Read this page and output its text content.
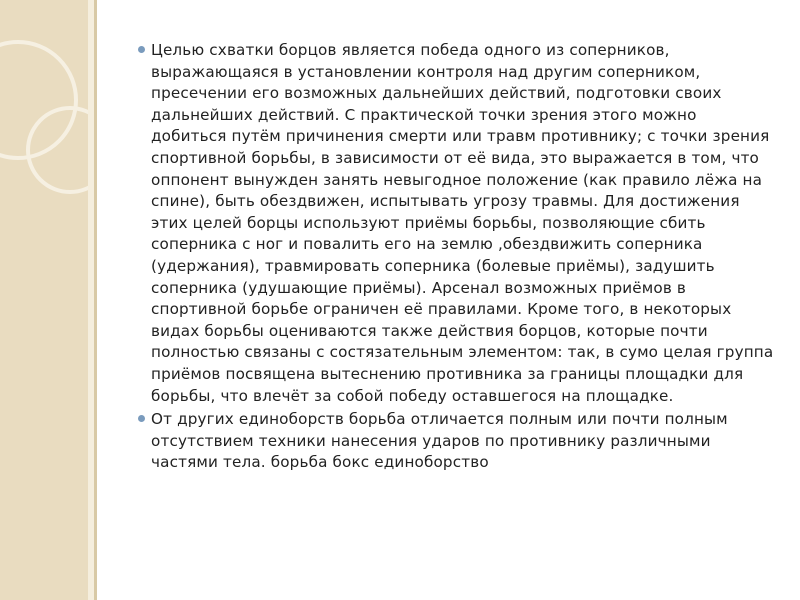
Целью схватки борцов является победа одного из соперников, выражающаяся в установлении контроля над другим соперником, пресечении его возможных дальнейших действий, подготовки своих дальнейших действий. С практической точки зрения этого можно добиться путём причинения смерти или травм противнику; с точки зрения спортивной борьбы, в зависимости от её вида, это выражается в том, что оппонент вынужден занять невыгодное положение (как правило лёжа на спине), быть обездвижен, испытывать угрозу травмы. Для достижения этих целей борцы используют приёмы борьбы, позволяющие сбить соперника с ног и повалить его на землю ,обездвижить соперника (удержания), травмировать соперника (болевые приёмы), задушить соперника (удушающие приёмы). Арсенал возможных приёмов в спортивной борьбе ограничен её правилами. Кроме того, в некоторых видах борьбы оцениваются также действия борцов, которые почти полностью связаны с состязательным элементом: так, в сумо целая группа приёмов посвящена вытеснению противника за границы площадки для борьбы, что влечёт за собой победу оставшегося на площадке.
От других единоборств борьба отличается полным или почти полным отсутствием техники нанесения ударов по противнику различными частями тела. борьба бокс единоборство
